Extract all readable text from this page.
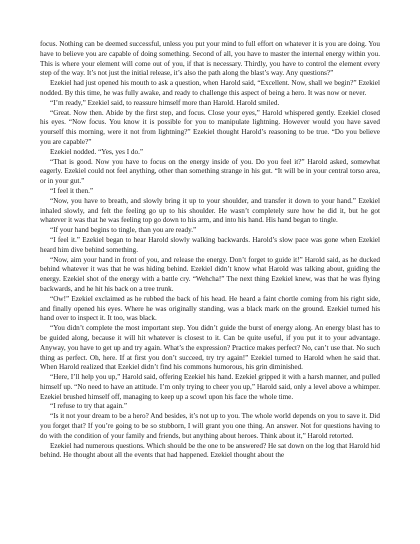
focus. Nothing can be deemed successful, unless you put your mind to full effort on whatever it is you are doing. You have to believe you are capable of doing something. Second of all, you have to master the internal energy within you. This is where your element will come out of you, if that is necessary. Thirdly, you have to control the element every step of the way. It’s not just the initial release, it’s also the path along the blast’s way. Any questions?”

Ezekiel had just opened his mouth to ask a question, when Harold said, “Excellent. Now, shall we begin?” Ezekiel nodded. By this time, he was fully awake, and ready to challenge this aspect of being a hero. It was now or never.

“I’m ready,” Ezekiel said, to reassure himself more than Harold. Harold smiled.

“Great. Now then. Abide by the first step, and focus. Close your eyes,” Harold whispered gently. Ezekiel closed his eyes. “Now focus. You know it is possible for you to manipulate lightning. However would you have saved yourself this morning, were it not from lightning?” Ezekiel thought Harold’s reasoning to be true. “Do you believe you are capable?”

Ezekiel nodded. “Yes, yes I do.”

“That is good. Now you have to focus on the energy inside of you. Do you feel it?” Harold asked, somewhat eagerly. Ezekiel could not feel anything, other than something strange in his gut. “It will be in your central torso area, or in your gut.”

“I feel it then.”

“Now, you have to breath, and slowly bring it up to your shoulder, and transfer it down to your hand.” Ezekiel inhaled slowly, and felt the feeling go up to his shoulder. He wasn’t completely sure how he did it, but he got whatever it was that he was feeling top go down to his arm, and into his hand. His hand began to tingle.

“If your hand begins to tingle, than you are ready.”

“I feel it.” Ezekiel began to hear Harold slowly walking backwards. Harold’s slow pace was gone when Ezekiel heard him dive behind something.

“Now, aim your hand in front of you, and release the energy. Don’t forget to guide it!” Harold said, as he ducked behind whatever it was that he was hiding behind. Ezekiel didn’t know what Harold was talking about, guiding the energy. Ezekiel shot of the energy with a battle cry. “Wehcha!” The next thing Ezekiel knew, was that he was flying backwards, and he hit his back on a tree trunk.

“Ow!” Ezekiel exclaimed as he rubbed the back of his head. He heard a faint chortle coming from his right side, and finally opened his eyes. Where he was originally standing, was a black mark on the ground. Ezekiel turned his hand over to inspect it. It too, was black.

“You didn’t complete the most important step. You didn’t guide the burst of energy along. An energy blast has to be guided along, because it will hit whatever is closest to it. Can be quite useful, if you put it to your advantage. Anyway, you have to get up and try again. What’s the expression? Practice makes perfect? No, can’t use that. No such thing as perfect. Oh, here. If at first you don’t succeed, try try again!” Ezekiel turned to Harold when he said that. When Harold realized that Ezekiel didn’t find his commons humorous, his grin diminished.

“Here, I’ll help you up,” Harold said, offering Ezekiel his hand. Ezekiel gripped it with a harsh manner, and pulled himself up. “No need to have an attitude. I’m only trying to cheer you up,” Harold said, only a level above a whimper. Ezekiel brushed himself off, managing to keep up a scowl upon his face the whole time.

“I refuse to try that again.”

“Is it not your dream to be a hero? And besides, it’s not up to you. The whole world depends on you to save it. Did you forget that? If you’re going to be so stubborn, I will grant you one thing. An answer. Not for questions having to do with the condition of your family and friends, but anything about heroes. Think about it,” Harold retorted.

Ezekiel had numerous questions. Which should be the one to be answered? He sat down on the log that Harold hid behind. He thought about all the events that had happened. Ezekiel thought about the
